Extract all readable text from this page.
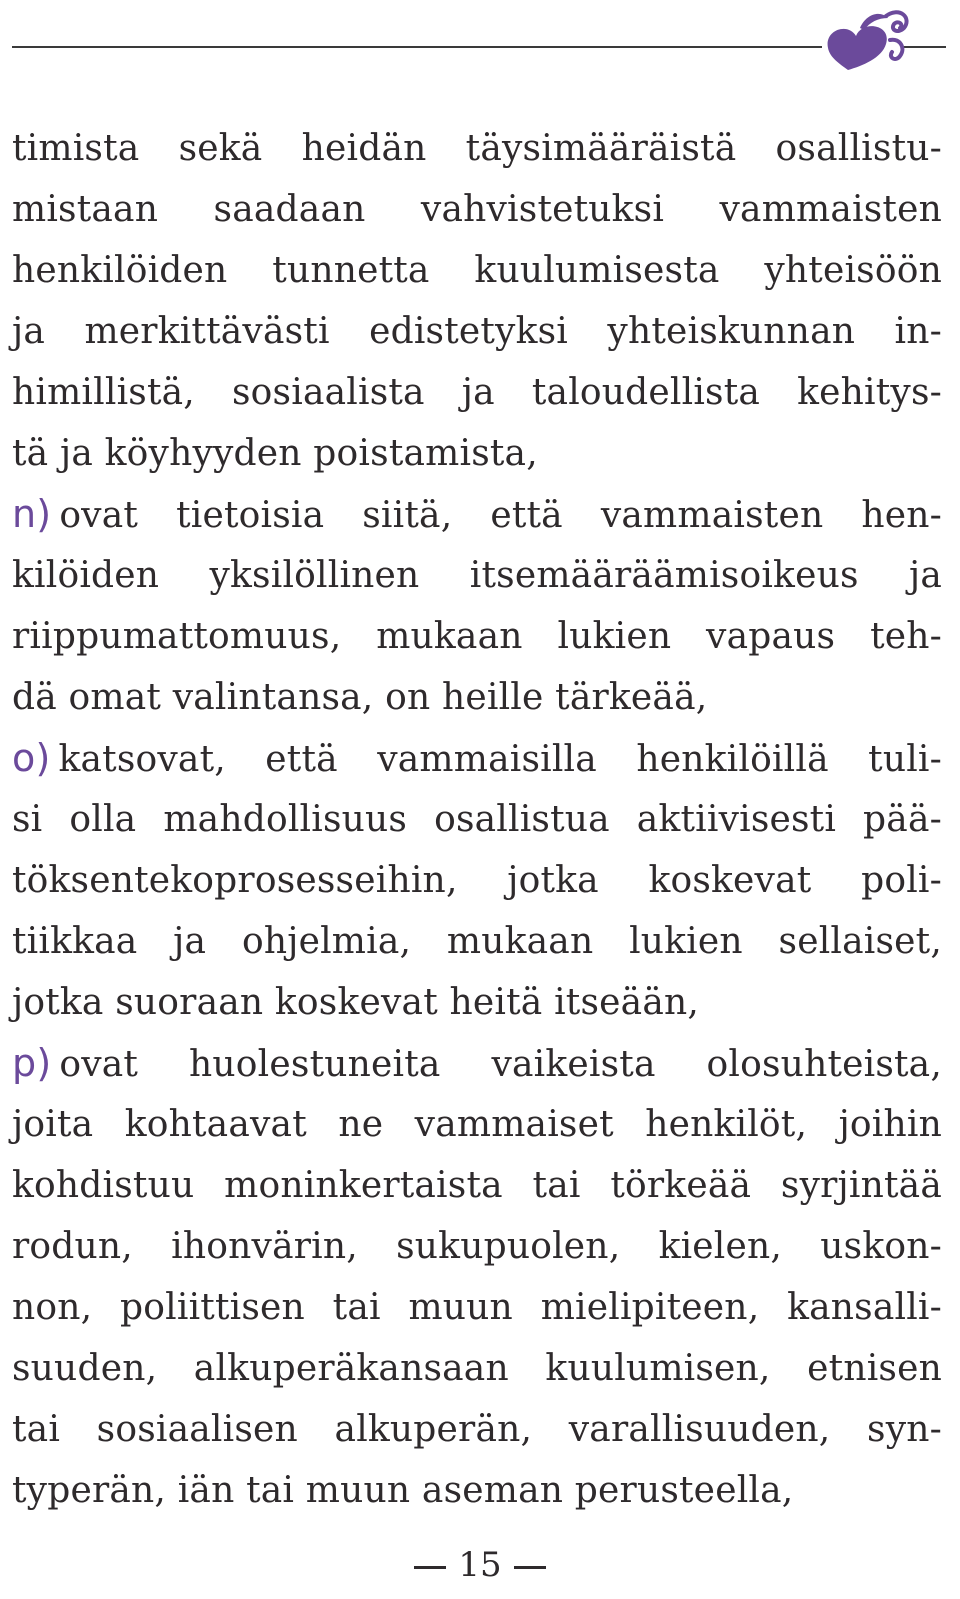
timista sekä heidän täysimääräistä osallistu-
mistaan saadaan vahvistetuksi vammaisten
henkilöiden tunnetta kuulumisesta yhteisöön
ja merkittävästi edistetyksi yhteiskunnan in-
himillistä, sosiaalista ja taloudellista kehitys-
tä ja köyhyyden poistamista,
n) ovat tietoisia siitä, että vammaisten hen-
kilöiden yksilöllinen itsemääräämisoikeus ja
riippumattomuus, mukaan lukien vapaus teh-
dä omat valintansa, on heille tärkeää,
o) katsovat, että vammaisilla henkilöillä tuli-
si olla mahdollisuus osallistua aktiivisesti pää-
töksentekoprosesseihin, jotka koskevat poli-
tiikkaa ja ohjelmia, mukaan lukien sellaiset,
jotka suoraan koskevat heitä itseään,
p) ovat huolestuneita vaikeista olosuhteista,
joita kohtaavat ne vammaiset henkilöt, joihin
kohdistuu moninkertaista tai törkeää syrjintää
rodun, ihonvärin, sukupuolen, kielen, uskon-
non, poliittisen tai muun mielipiteen, kansalli-
suuden, alkuperäkansaan kuulumisen, etnisen
tai sosiaalisen alkuperän, varallisuuden, syn-
typerän, iän tai muun aseman perusteella,
15
